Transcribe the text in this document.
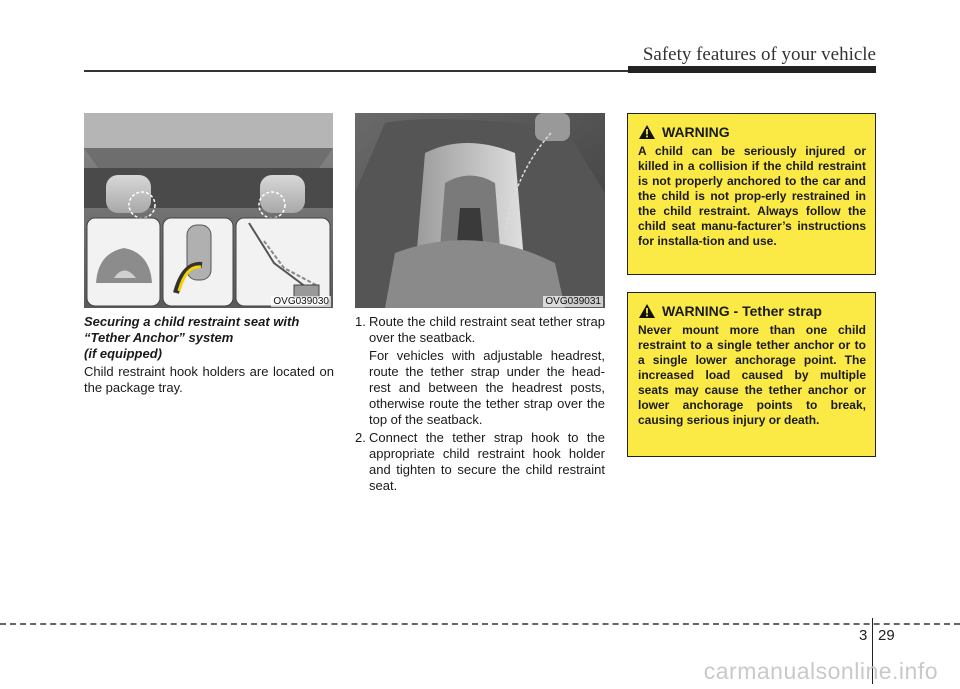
Safety features of your vehicle
OVG039030	OVG039031
Securing a child restraint seat with
“Tether Anchor” system
(if equipped)
Child restraint hook holders are located on the package tray.
1. Route the child restraint seat tether strap over the seatback.
For vehicles with adjustable headrest, route the tether strap under the head-rest and between the headrest posts, otherwise route the tether strap over the top of the seatback.
2. Connect the tether strap hook to the appropriate child restraint hook holder and tighten to secure the child restraint seat.
WARNING
A child can be seriously injured or killed in a collision if the child restraint is not properly anchored to the car and the child is not prop-erly restrained in the child restraint. Always follow the child seat manu-facturer’s instructions for installa-tion and use.
WARNING - Tether strap
Never mount more than one child restraint to a single tether anchor or to a single lower anchorage point. The increased load caused by multiple seats may cause the tether anchor or lower anchorage points to break, causing serious injury or death.
3 29
carmanualsonline.info
